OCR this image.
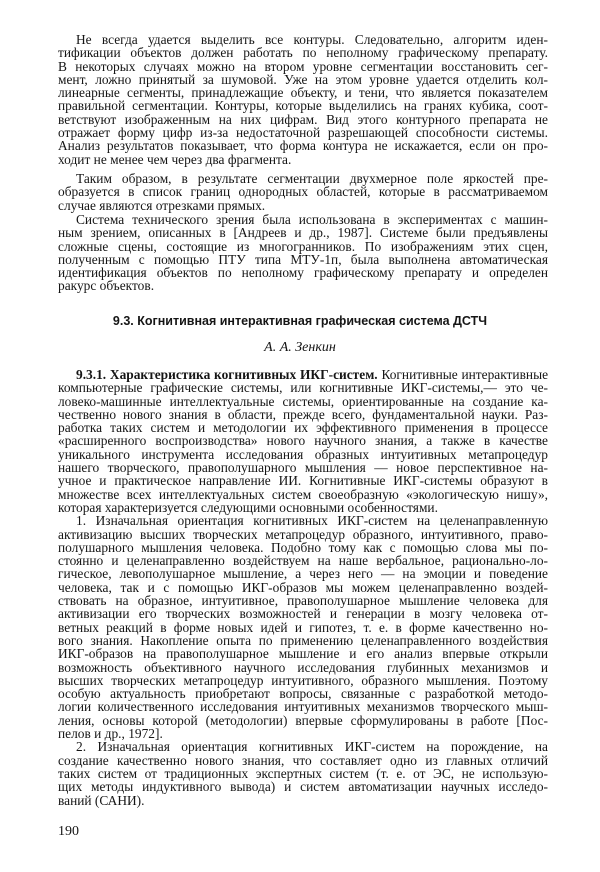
Не всегда удается выделить все контуры. Следовательно, алгоритм иден-
тификации объектов должен работать по неполному графическому препарату.
В некоторых случаях можно на втором уровне сегментации восстановить сег-
мент, ложно принятый за шумовой. Уже на этом уровне удается отделить кол-
линеарные сегменты, принадлежащие объекту, и тени, что является показателем
правильной сегментации. Контуры, которые выделились на гранях кубика, соот-
ветствуют изображенным на них цифрам. Вид этого контурного препарата не
отражает форму цифр из-за недостаточной разрешающей способности системы.
Анализ результатов показывает, что форма контура не искажается, если он про-
ходит не менее чем через два фрагмента.
Таким образом, в результате сегментации двухмерное поле яркостей пре-
образуется в список границ однородных областей, которые в рассматриваемом
случае являются отрезками прямых.
Система технического зрения была использована в экспериментах с машин-
ным зрением, описанных в [Андреев и др., 1987]. Системе были предъявлены
сложные сцены, состоящие из многогранников. По изображениям этих сцен,
полученным с помощью ПТУ типа МТУ-1п, была выполнена автоматическая
идентификация объектов по неполному графическому препарату и определен
ракурс объектов.
9.3. Когнитивная интерактивная графическая система ДСТЧ
А. А. Зенкин
9.3.1. Характеристика когнитивных ИКГ-систем. Когнитивные интерактивные
компьютерные графические системы, или когнитивные ИКГ-системы,— это че-
ловеко-машинные интеллектуальные системы, ориентированные на создание ка-
чественно нового знания в области, прежде всего, фундаментальной науки. Раз-
работка таких систем и методологии их эффективного применения в процессе
«расширенного воспроизводства» нового научного знания, а также в качестве
уникального инструмента исследования образных интуитивных метапроцедур
нашего творческого, правополушарного мышления — новое перспективное на-
учное и практическое направление ИИ. Когнитивные ИКГ-системы образуют в
множестве всех интеллектуальных систем своеобразную «экологическую нишу»,
которая характеризуется следующими основными особенностями.
1. Изначальная ориентация когнитивных ИКГ-систем на целенаправленную
активизацию высших творческих метапроцедур образного, интуитивного, право-
полушарного мышления человека. Подобно тому как с помощью слова мы по-
стоянно и целенаправленно воздействуем на наше вербальное, рационально-ло-
гическое, левополушарное мышление, а через него — на эмоции и поведение
человека, так и с помощью ИКГ-образов мы можем целенаправленно воздей-
ствовать на образное, интуитивное, правополушарное мышление человека для
активизации его творческих возможностей и генерации в мозгу человека от-
ветных реакций в форме новых идей и гипотез, т. е. в форме качественно но-
вого знания. Накопление опыта по применению целенаправленного воздействия
ИКГ-образов на правополушарное мышление и его анализ впервые открыли
возможность объективного научного исследования глубинных механизмов и
высших творческих метапроцедур интуитивного, образного мышления. Поэтому
особую актуальность приобретают вопросы, связанные с разработкой методо-
логии количественного исследования интуитивных механизмов творческого мыш-
ления, основы которой (методологии) впервые сформулированы в работе [Пос-
пелов и др., 1972].
2. Изначальная ориентация когнитивных ИКГ-систем на порождение, на
создание качественно нового знания, что составляет одно из главных отличий
таких систем от традиционных экспертных систем (т. е. от ЭС, не использую-
щих методы индуктивного вывода) и систем автоматизации научных исследо-
ваний (САНИ).
190
